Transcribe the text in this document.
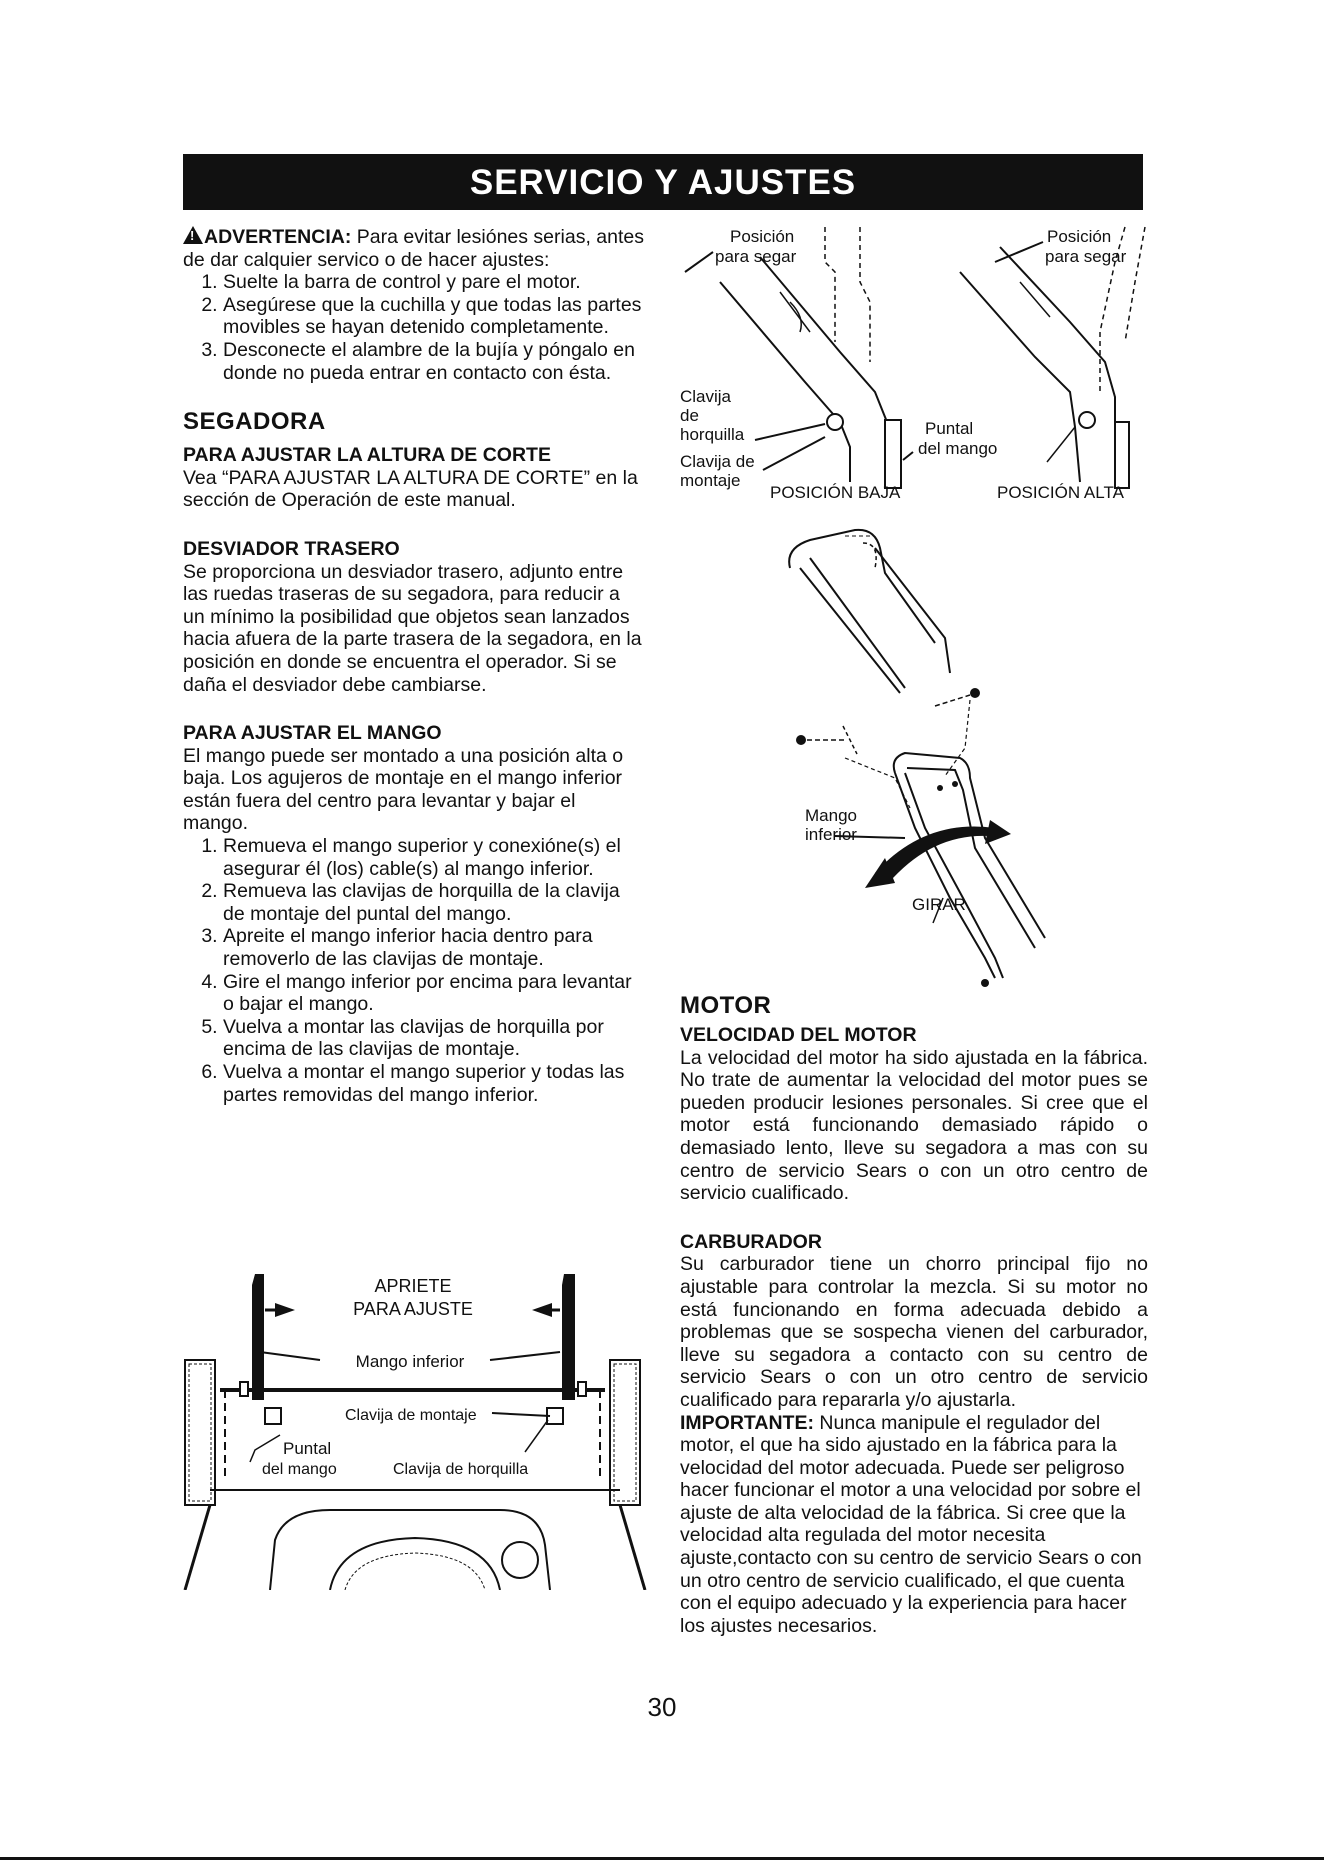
SERVICIO Y AJUSTES

!ADVERTENCIA: Para evitar lesiónes serias, antes de dar calquier servico o de hacer ajustes:

1. Suelte la barra de control y pare el motor.
2. Asegúrese que la cuchilla y que todas las partes movibles se hayan detenido completamente.
3. Desconecte el alambre de la bujía y póngalo en donde no pueda entrar en contacto con ésta.

SEGADORA

PARA AJUSTAR LA ALTURA DE CORTE

Vea “PARA AJUSTAR LA ALTURA DE CORTE” en la sección de Operación de este manual.

DESVIADOR TRASERO

Se proporciona un desviador trasero, adjunto entre las ruedas traseras de su segadora, para reducir a un mínimo la posibilidad que objetos sean lanzados hacia afuera de la parte trasera de la segadora, en la posición en donde se encuentra el operador. Si se daña el desviador debe cambiarse.

PARA AJUSTAR EL MANGO

El mango puede ser montado a una posición alta o baja. Los agujeros de montaje en el mango inferior están fuera del centro para levantar y bajar el mango.

1. Remueva el mango superior y conexióne(s) el asegurar él (los) cable(s) al mango inferior.
2. Remueva las clavijas de horquilla de la clavija de montaje del puntal del mango.
3. Apreite el mango inferior hacia dentro para removerlo de las clavijas de montaje.
4. Gire el mango inferior por encima para levantar o bajar el mango.
5. Vuelva a montar las clavijas de horquilla por encima de las clavijas de montaje.
6. Vuelva a montar el mango superior y todas las partes removidas del mango inferior.
APRIETE
PARA AJUSTE
Mango inferior
Clavija de montaje
Puntal
del mango	Clavija de horquilla
Posición
para segar
Posición
para segar
Clavija
de
horquilla
Clavija de
montaje
Puntal
del mango
POSICIÓN BAJA	POSICIÓN ALTA
Mango
inferior
GIRAR

MOTOR

VELOCIDAD DEL MOTOR

La velocidad del motor ha sido ajustada en la fábrica. No trate de aumentar la velocidad del motor pues se pueden producir lesiones personales. Si cree que el motor está funcionando demasiado rápido o demasiado lento, lleve su segadora a mas con su centro de servicio Sears o con un otro centro de servicio cualificado.

CARBURADOR

Su carburador tiene un chorro principal fijo no ajustable para controlar la mezcla. Si su motor no está funcionando en forma adecuada debido a problemas que se sospecha vienen del carburador, lleve su segadora a contacto con su centro de servicio Sears o con un otro centro de servicio cualificado para repararla y/o ajustarla.

IMPORTANTE: Nunca manipule el regulador del motor, el que ha sido ajustado en la fábrica para la velocidad del motor adecuada. Puede ser peligroso hacer funcionar el motor a una velocidad por sobre el ajuste de alta velocidad de la fábrica. Si cree que la velocidad alta regulada del motor necesita ajuste,contacto con su centro de servicio Sears o con un otro centro de servicio cualificado, el que cuenta con el equipo adecuado y la experiencia para hacer los ajustes necesarios.

30
